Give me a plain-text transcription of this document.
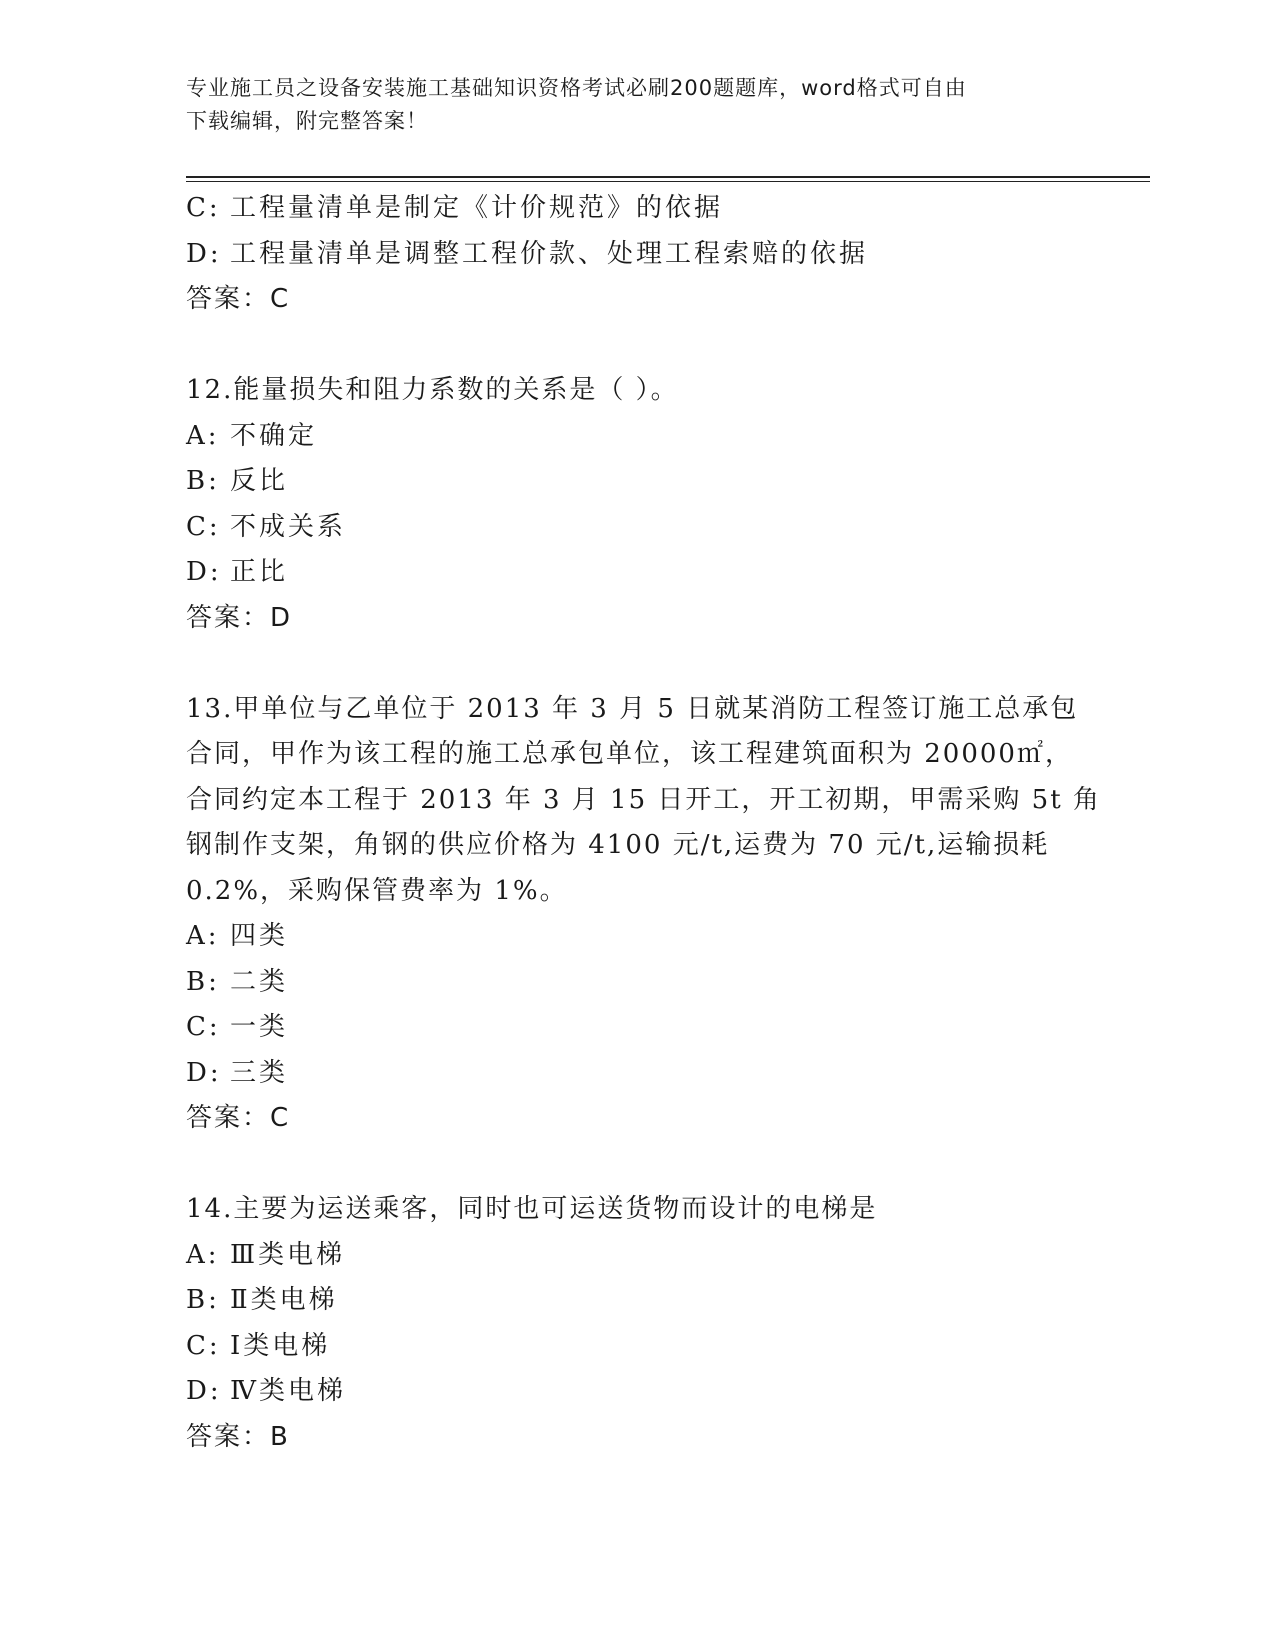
专业施工员之设备安装施工基础知识资格考试必刷200题题库，word格式可自由
下载编辑，附完整答案！
C: 工程量清单是制定《计价规范》的依据
D: 工程量清单是调整工程价款、处理工程索赔的依据
答案：C
12.能量损失和阻力系数的关系是（ ）。
A: 不确定
B: 反比
C: 不成关系
D: 正比
答案：D
13.甲单位与乙单位于 2013 年 3 月 5 日就某消防工程签订施工总承包
合同，甲作为该工程的施工总承包单位，该工程建筑面积为 20000㎡，
合同约定本工程于 2013 年 3 月 15 日开工，开工初期，甲需采购 5t 角
钢制作支架，角钢的供应价格为 4100 元/t,运费为 70 元/t,运输损耗
0.2%，采购保管费率为 1%。
A: 四类
B: 二类
C: 一类
D: 三类
答案：C
14.主要为运送乘客，同时也可运送货物而设计的电梯是
A: Ⅲ类电梯
B: Ⅱ类电梯
C: Ⅰ类电梯
D: Ⅳ类电梯
答案：B
